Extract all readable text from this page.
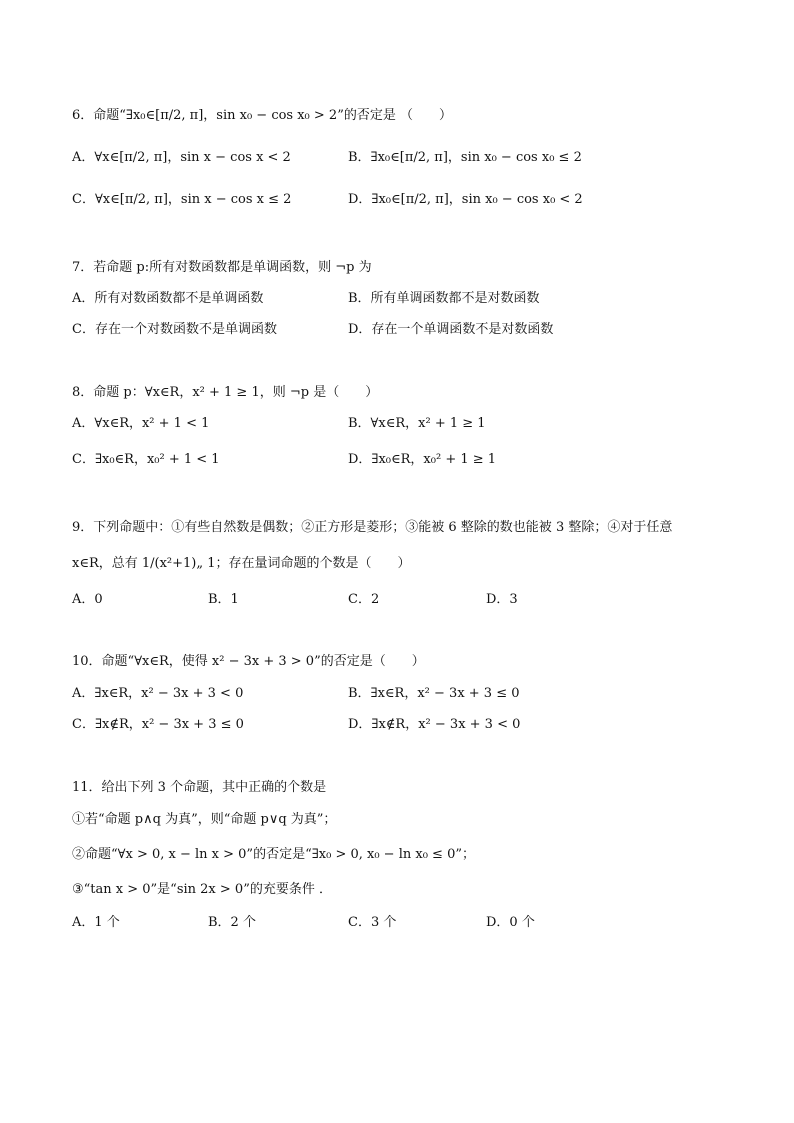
6．命题“∃x₀∈[π/2, π]，sin x₀ − cos x₀ > 2”的否定是 （　　）
A．∀x∈[π/2, π]，sin x − cos x < 2	B．∃x₀∈[π/2, π]，sin x₀ − cos x₀ ≤ 2
C．∀x∈[π/2, π]，sin x − cos x ≤ 2	D．∃x₀∈[π/2, π]，sin x₀ − cos x₀ < 2
7．若命题 p:所有对数函数都是单调函数，则 ¬p 为
A．所有对数函数都不是单调函数	B．所有单调函数都不是对数函数
C．存在一个对数函数不是单调函数	D．存在一个单调函数不是对数函数
8．命题 p：∀x∈R，x² + 1 ≥ 1，则 ¬p 是（　　）
A．∀x∈R，x² + 1 < 1	B．∀x∈R，x² + 1 ≥ 1
C．∃x₀∈R，x₀² + 1 < 1	D．∃x₀∈R，x₀² + 1 ≥ 1
9．下列命题中：①有些自然数是偶数；②正方形是菱形；③能被 6 整除的数也能被 3 整除；④对于任意
x∈R，总有 1/(x²+1)„ 1；存在量词命题的个数是（　　）
A．0	B．1	C．2	D．3
10．命题“∀x∈R，使得 x² − 3x + 3 > 0”的否定是（　　）
A．∃x∈R，x² − 3x + 3 < 0	B．∃x∈R，x² − 3x + 3 ≤ 0
C．∃x∉R，x² − 3x + 3 ≤ 0	D．∃x∉R，x² − 3x + 3 < 0
11．给出下列 3 个命题，其中正确的个数是
①若“命题 p∧q 为真”，则“命题 p∨q 为真”；
②命题“∀x > 0, x − ln x > 0”的否定是“∃x₀ > 0, x₀ − ln x₀ ≤ 0”；
③“tan x > 0”是“sin 2x > 0”的充要条件 ．
A．1 个	B．2 个	C．3 个	D．0 个
